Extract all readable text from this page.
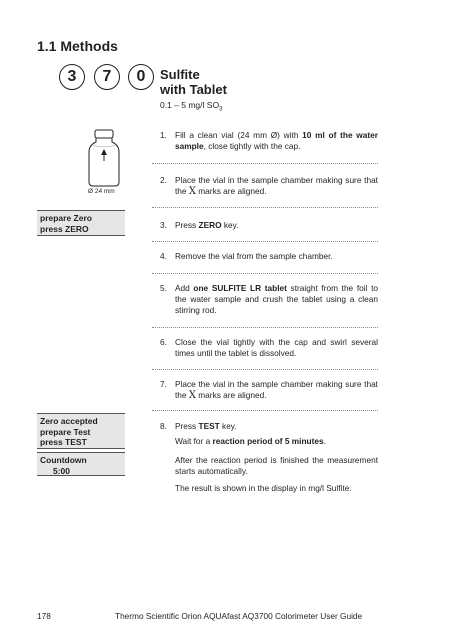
1.1 Methods
3	7	0	Sulfite
with Tablet
0.1 – 5 mg/l $SO_3$
Ø 24 mm
1. Fill a clean vial (24 mm Ø) with 10 ml of the water sample, close tightly with the cap.
2. Place the vial in the sample chamber making sure that the X marks are aligned.
prepare Zero
press ZERO	3. Press ZERO key.
4. Remove the vial from the sample chamber.
5. Add one SULFITE LR tablet straight from the foil to the water sample and crush the tablet using a clean stirring rod.
6. Close the vial tightly with the cap and swirl several times until the tablet is dissolved.
7. Place the vial in the sample chamber making sure that the X marks are aligned.
Zero accepted
prepare Test
press TEST
8. Press TEST key.
Wait for a reaction period of 5 minutes.
Countdown
5:00
After the reaction period is finished the measurement starts automatically.
The result is shown in the display in mg/l Sulfite.
178	Thermo Scientific Orion AQUAfast AQ3700 Colorimeter User Guide
